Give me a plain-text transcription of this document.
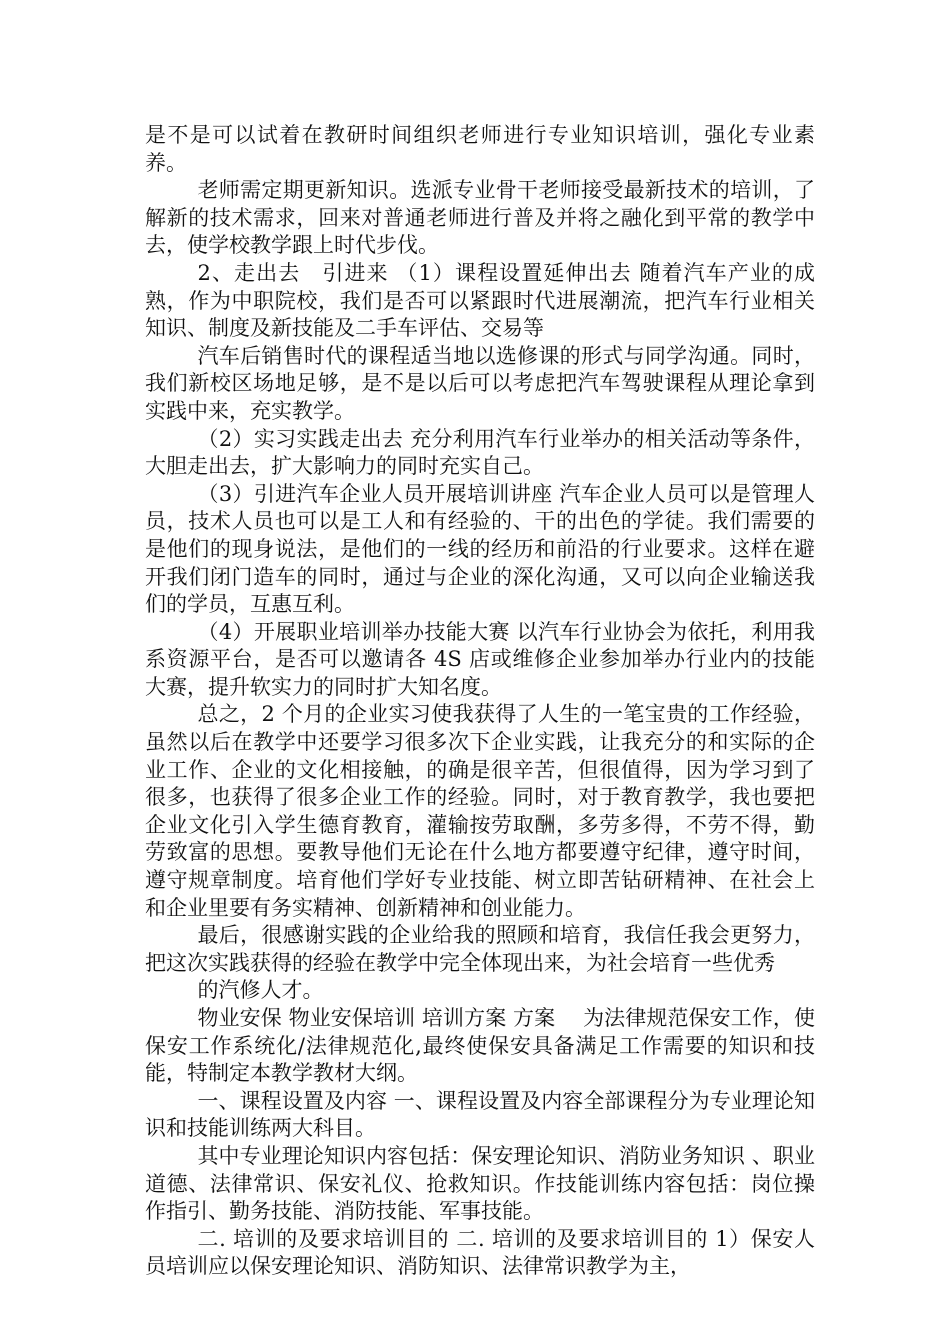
是不是可以试着在教研时间组织老师进行专业知识培训，强化专业素养。

老师需定期更新知识。选派专业骨干老师接受最新技术的培训，了解新的技术需求，回来对普通老师进行普及并将之融化到平常的教学中去，使学校教学跟上时代步伐。

2、走出去　引进来 （1）课程设置延伸出去 随着汽车产业的成熟，作为中职院校，我们是否可以紧跟时代进展潮流，把汽车行业相关知识、制度及新技能及二手车评估、交易等

汽车后销售时代的课程适当地以选修课的形式与同学沟通。同时，我们新校区场地足够，是不是以后可以考虑把汽车驾驶课程从理论拿到实践中来，充实教学。

（2）实习实践走出去 充分利用汽车行业举办的相关活动等条件，大胆走出去，扩大影响力的同时充实自己。

（3）引进汽车企业人员开展培训讲座 汽车企业人员可以是管理人员，技术人员也可以是工人和有经验的、干的出色的学徒。我们需要的是他们的现身说法，是他们的一线的经历和前沿的行业要求。这样在避开我们闭门造车的同时，通过与企业的深化沟通，又可以向企业输送我们的学员，互惠互利。

（4）开展职业培训举办技能大赛 以汽车行业协会为依托，利用我系资源平台，是否可以邀请各 4S 店或维修企业参加举办行业内的技能大赛，提升软实力的同时扩大知名度。

总之，2 个月的企业实习使我获得了人生的一笔宝贵的工作经验，虽然以后在教学中还要学习很多次下企业实践，让我充分的和实际的企业工作、企业的文化相接触，的确是很辛苦，但很值得，因为学习到了很多，也获得了很多企业工作的经验。同时，对于教育教学，我也要把企业文化引入学生德育教育，灌输按劳取酬，多劳多得，不劳不得，勤劳致富的思想。要教导他们无论在什么地方都要遵守纪律，遵守时间，遵守规章制度。培育他们学好专业技能、树立即苦钻研精神、在社会上和企业里要有务实精神、创新精神和创业能力。

最后，很感谢实践的企业给我的照顾和培育，我信任我会更努力，把这次实践获得的经验在教学中完全体现出来，为社会培育一些优秀

的汽修人才。

物业安保 物业安保培训 培训方案 方案　 为法律规范保安工作，使保安工作系统化/法律规范化,最终使保安具备满足工作需要的知识和技能，特制定本教学教材大纲。

一、课程设置及内容 一、课程设置及内容全部课程分为专业理论知识和技能训练两大科目。

其中专业理论知识内容包括：保安理论知识、消防业务知识 、职业道德、法律常识、保安礼仪、抢救知识。作技能训练内容包括：岗位操作指引、勤务技能、消防技能、军事技能。

二. 培训的及要求培训目的 二. 培训的及要求培训目的 1）保安人员培训应以保安理论知识、消防知识、法律常识教学为主，
